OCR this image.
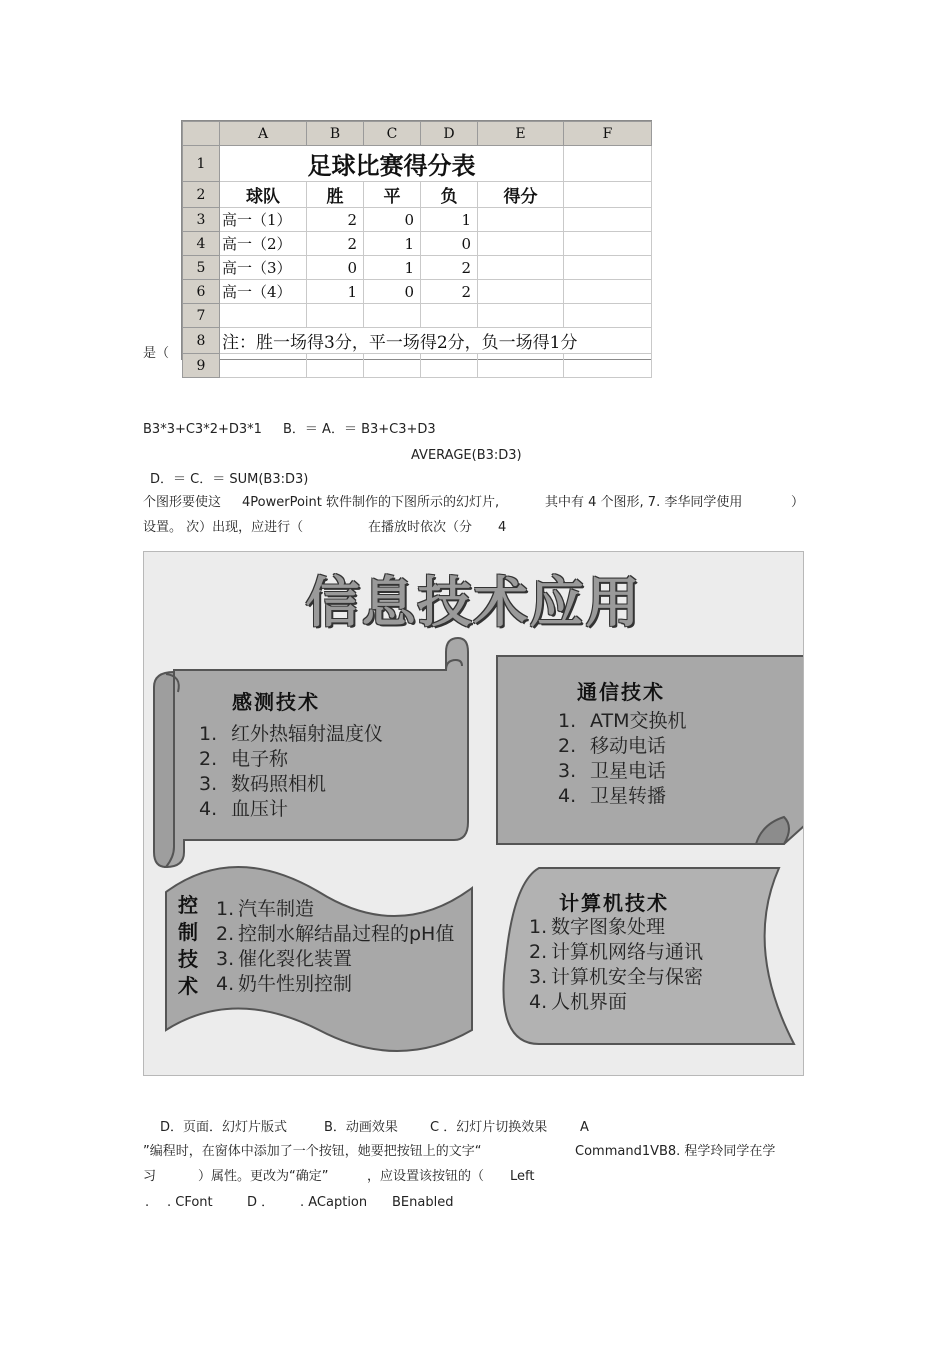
	A	B	C	D	E	F
1	足球比赛得分表					
2	球队	胜	平	负	得分	
3	高一（1）	2	0	1		
4	高一（2）	2	1	0		
5	高一（3）	0	1	2		
6	高一（4）	1	0	2		
7						
8	注：胜一场得3分，平一场得2分，负一场得1分					
9						
是（
B3*3+C3*2+D3*1 B．＝ A．＝ B3+C3+D3
AVERAGE(B3:D3)
D．＝ C．＝ SUM(B3:D3)
个图形要使这 4PowerPoint 软件制作的下图所示的幻灯片,	其中有 4 个图形, 7. 李华同学使用	）
设置。 次）出现，应进行（	在播放时依次（分 4
信息技术应用
感测技术
1. 红外热辐射温度仪
2. 电子称
3. 数码照相机
4. 血压计
通信技术
1. ATM交换机
2. 移动电话
3. 卫星电话
4. 卫星转播
控
制
技
术
1. 汽车制造
2. 控制水解结晶过程的pH值
3. 催化裂化装置
4. 奶牛性别控制
计算机技术
1. 数字图象处理
2. 计算机网络与通讯
3. 计算机安全与保密
4. 人机界面
D．页面．幻灯片版式	B．动画效果 C ．幻灯片切换效果	A
”编程时，在窗体中添加了一个按钮，她要把按钮上的文字“	Command1VB8. 程学玲同学在学
习	）属性。更改为“确定”	，应设置该按钮的（ Left
. . CFont	D ． . ACaption BEnabled
